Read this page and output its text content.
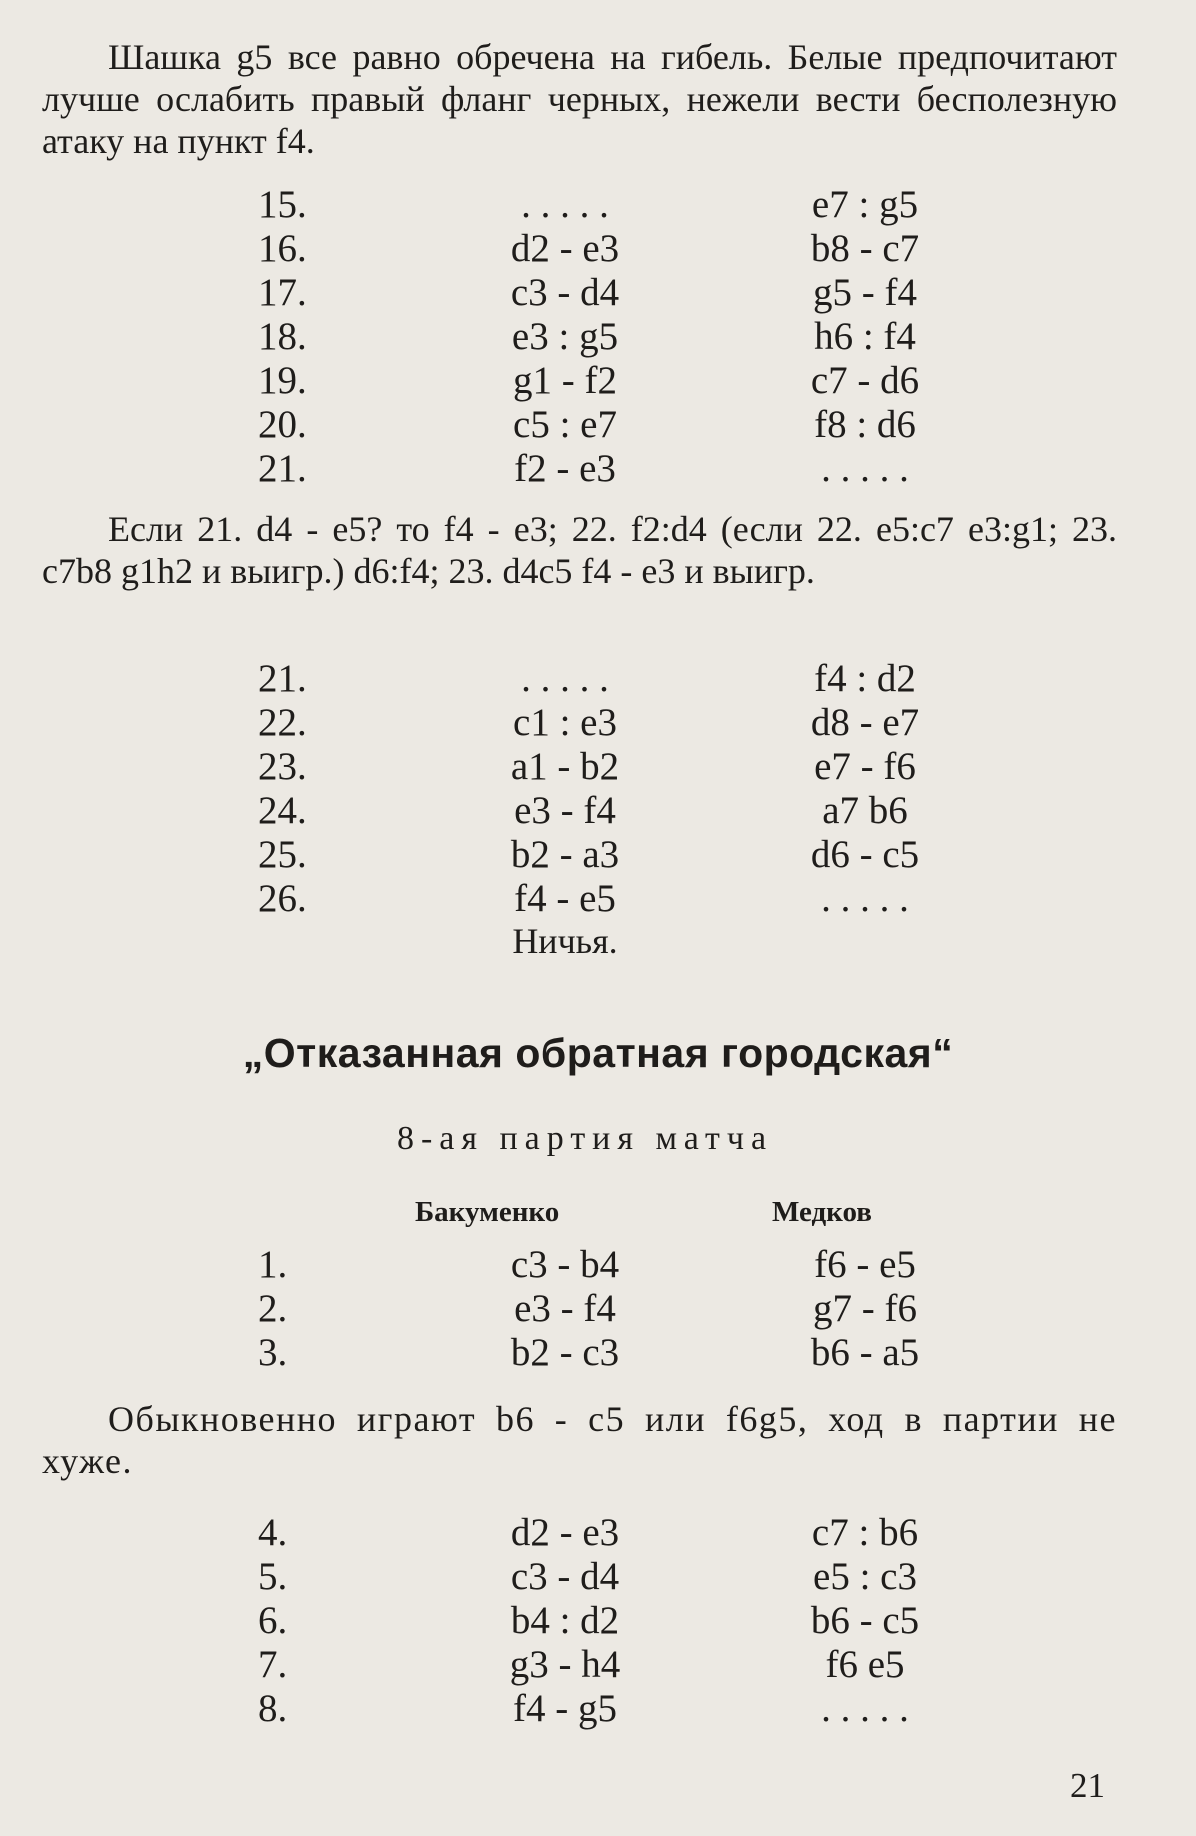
Шашка g5 все равно обречена на гибель. Белые предпочитают лучше ослабить правый фланг черных, нежели вести бесполезную атаку на пункт f4.

15.	. . . . .	e7 : g5
16.	d2 - e3	b8 - c7
17.	c3 - d4	g5 - f4
18.	e3 : g5	h6 : f4
19.	g1 - f2	c7 - d6
20.	c5 : e7	f8 : d6
21.	f2 - e3	. . . . .

Если 21. d4 - e5? то f4 - e3; 22. f2:d4 (если 22. e5:c7 e3:g1; 23. c7b8 g1h2 и выигр.) d6:f4; 23. d4c5 f4 - e3 и выигр.

21.	. . . . .	f4 : d2
22.	c1 : e3	d8 - e7
23.	a1 - b2	e7 - f6
24.	e3 - f4	a7 b6
25.	b2 - a3	d6 - c5
26.	f4 - e5	. . . . .
Ничья.
„Отказанная обратная городская“
8-ая партия матча
Бакуменко	Медков
1.	c3 - b4	f6 - e5
2.	e3 - f4	g7 - f6
3.	b2 - c3	b6 - a5

Обыкновенно играют b6 - c5 или f6g5, ход в партии не хуже.

4.	d2 - e3	c7 : b6
5.	c3 - d4	e5 : c3
6.	b4 : d2	b6 - c5
7.	g3 - h4	f6 e5
8.	f4 - g5	. . . . .
21
